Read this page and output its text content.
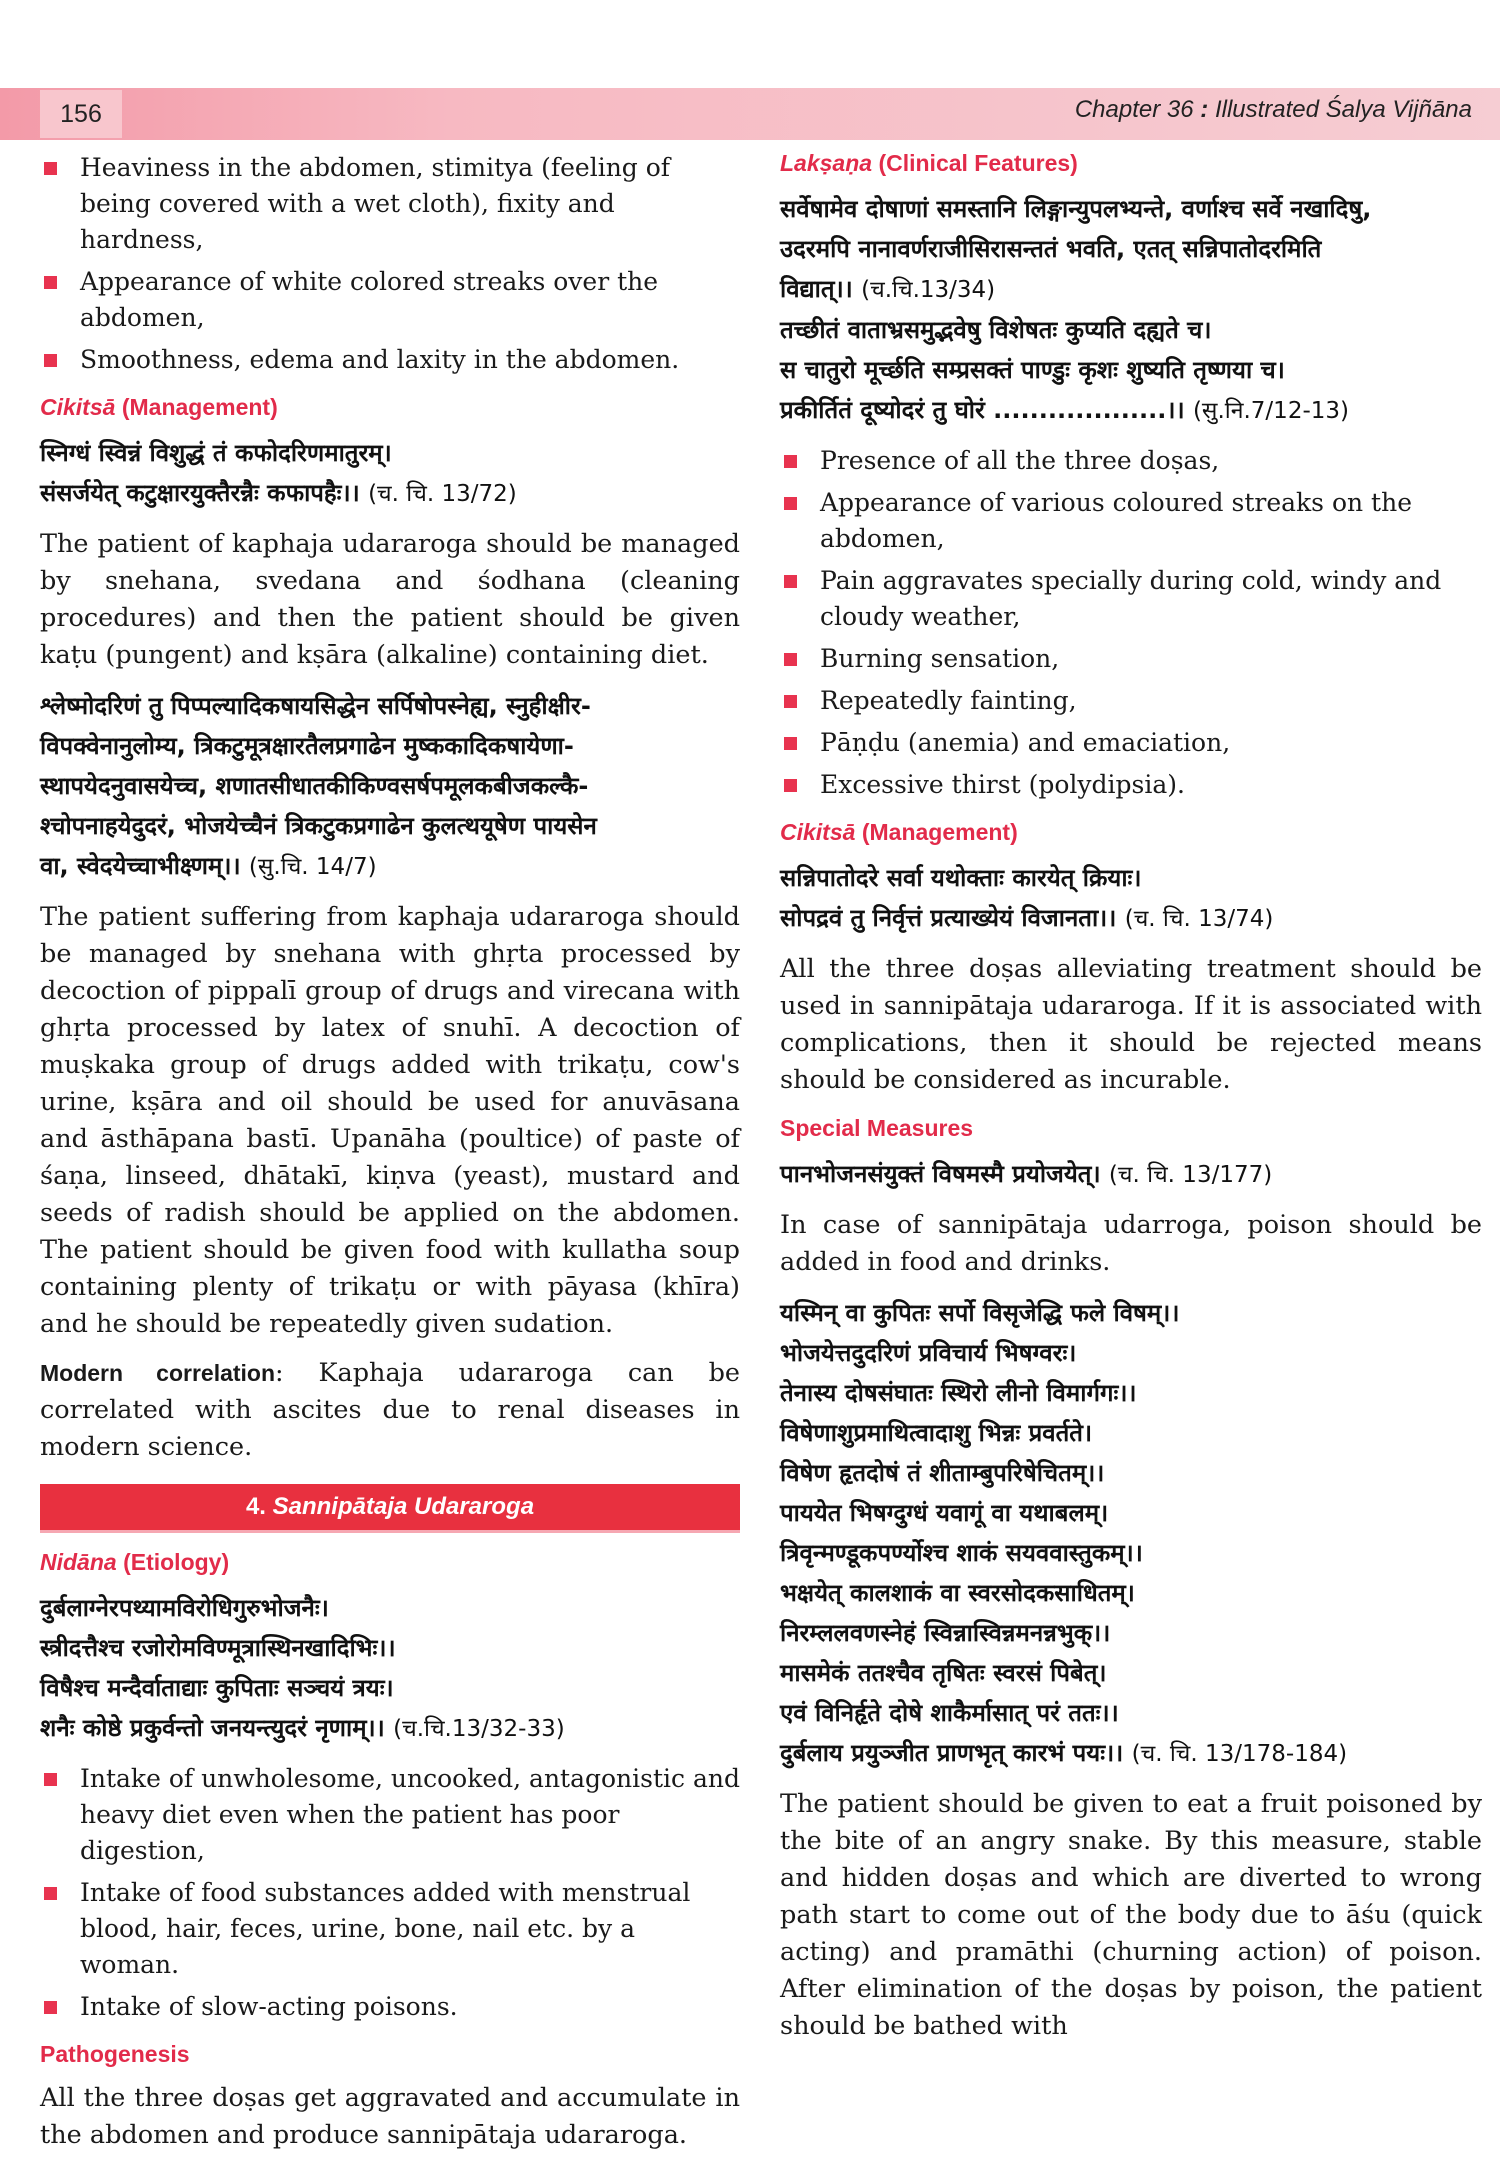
156	Chapter 36 : Illustrated Śalya Vijñāna
Heaviness in the abdomen, stimitya (feeling of being covered with a wet cloth), fixity and hardness,
Appearance of white colored streaks over the abdomen,
Smoothness, edema and laxity in the abdomen.
Cikitsā (Management)

स्निग्धं स्विन्नं विशुद्धं तं कफोदरिणमातुरम्।

संसर्जयेत् कटुक्षारयुक्तैरन्नैः कफापहैः।। (च. चि. 13/72)

The patient of kaphaja udararoga should be managed by snehana, svedana and śodhana (cleaning procedures) and then the patient should be given kaṭu (pungent) and kṣāra (alkaline) containing diet.

श्लेष्मोदरिणं तु पिप्पल्यादिकषायसिद्धेन सर्पिषोपस्नेह्य, स्नुहीक्षीर-

विपक्वेनानुलोम्य, त्रिकटुमूत्रक्षारतैलप्रगाढेन मुष्ककादिकषायेणा-

स्थापयेदनुवासयेच्च, शणातसीधातकीकिण्वसर्षपमूलकबीजकल्कै-

श्चोपनाहयेदुदरं, भोजयेच्चैनं त्रिकटुकप्रगाढेन कुलत्थयूषेण पायसेन

वा, स्वेदयेच्चाभीक्ष्णम्।। (सु.चि. 14/7)

The patient suffering from kaphaja udararoga should be managed by snehana with ghṛta processed by decoction of pippalī group of drugs and virecana with ghṛta processed by latex of snuhī. A decoction of muṣkaka group of drugs added with trikaṭu, cow's urine, kṣāra and oil should be used for anuvāsana and āsthāpana bastī. Upanāha (poultice) of paste of śaṇa, linseed, dhātakī, kiṇva (yeast), mustard and seeds of radish should be applied on the abdomen. The patient should be given food with kullatha soup containing plenty of trikaṭu or with pāyasa (khīra) and he should be repeatedly given sudation.

Modern correlation: Kaphaja udararoga can be correlated with ascites due to renal diseases in modern science.

4. Sannipātaja Udararoga
Nidāna (Etiology)

दुर्बलाग्नेरपथ्यामविरोधिगुरुभोजनैः।

स्त्रीदत्तैश्च रजोरोमविण्मूत्रास्थिनखादिभिः।।

विषैश्च मन्दैर्वाताद्याः कुपिताः सञ्चयं त्रयः।

शनैः कोष्ठे प्रकुर्वन्तो जनयन्त्युदरं नृणाम्।। (च.चि.13/32-33)

Intake of unwholesome, uncooked, antagonistic and heavy diet even when the patient has poor digestion,
Intake of food substances added with menstrual blood, hair, feces, urine, bone, nail etc. by a woman.
Intake of slow-acting poisons.
Pathogenesis

All the three doṣas get aggravated and accumulate in the abdomen and produce sannipātaja udararoga.

Lakṣaṇa (Clinical Features)

सर्वेषामेव दोषाणां समस्तानि लिङ्गान्युपलभ्यन्ते, वर्णाश्च सर्वे नखादिषु,

उदरमपि नानावर्णराजीसिरासन्ततं भवति, एतत् सन्निपातोदरमिति

विद्यात्।। (च.चि.13/34)

तच्छीतं वाताभ्रसमुद्भवेषु विशेषतः कुप्यति दह्यते च।

स चातुरो मूर्च्छति सम्प्रसक्तं पाण्डुः कृशः शुष्यति तृष्णया च।

प्रकीर्तितं दूष्योदरं तु घोरं ...................।। (सु.नि.7/12-13)

Presence of all the three doṣas,
Appearance of various coloured streaks on the abdomen,
Pain aggravates specially during cold, windy and cloudy weather,
Burning sensation,
Repeatedly fainting,
Pāṇḍu (anemia) and emaciation,
Excessive thirst (polydipsia).
Cikitsā (Management)

सन्निपातोदरे सर्वा यथोक्ताः कारयेत् क्रियाः।

सोपद्रवं तु निर्वृत्तं प्रत्याख्येयं विजानता।। (च. चि. 13/74)

All the three doṣas alleviating treatment should be used in sannipātaja udararoga. If it is associated with complications, then it should be rejected means should be considered as incurable.

Special Measures

पानभोजनसंयुक्तं विषमस्मै प्रयोजयेत्। (च. चि. 13/177)

In case of sannipātaja udarroga, poison should be added in food and drinks.

यस्मिन् वा कुपितः सर्पो विसृजेद्धि फले विषम्।।

भोजयेत्तदुदरिणं प्रविचार्य भिषग्वरः।

तेनास्य दोषसंघातः स्थिरो लीनो विमार्गगः।।

विषेणाशुप्रमाथित्वादाशु भिन्नः प्रवर्तते।

विषेण हृतदोषं तं शीताम्बुपरिषेचितम्।।

पाययेत भिषग्दुग्धं यवागूं वा यथाबलम्।

त्रिवृन्मण्डूकपर्ण्योश्च शाकं सयववास्तुकम्।।

भक्षयेत् कालशाकं वा स्वरसोदकसाधितम्।

निरम्ललवणस्नेहं स्विन्नास्विन्नमनन्नभुक्।।

मासमेकं ततश्चैव तृषितः स्वरसं पिबेत्।

एवं विनिर्हृते दोषे शाकैर्मासात् परं ततः।।

दुर्बलाय प्रयुञ्जीत प्राणभृत् कारभं पयः।। (च. चि. 13/178-184)

The patient should be given to eat a fruit poisoned by the bite of an angry snake. By this measure, stable and hidden doṣas and which are diverted to wrong path start to come out of the body due to āśu (quick acting) and pramāthi (churning action) of poison. After elimination of the doṣas by poison, the patient should be bathed with
